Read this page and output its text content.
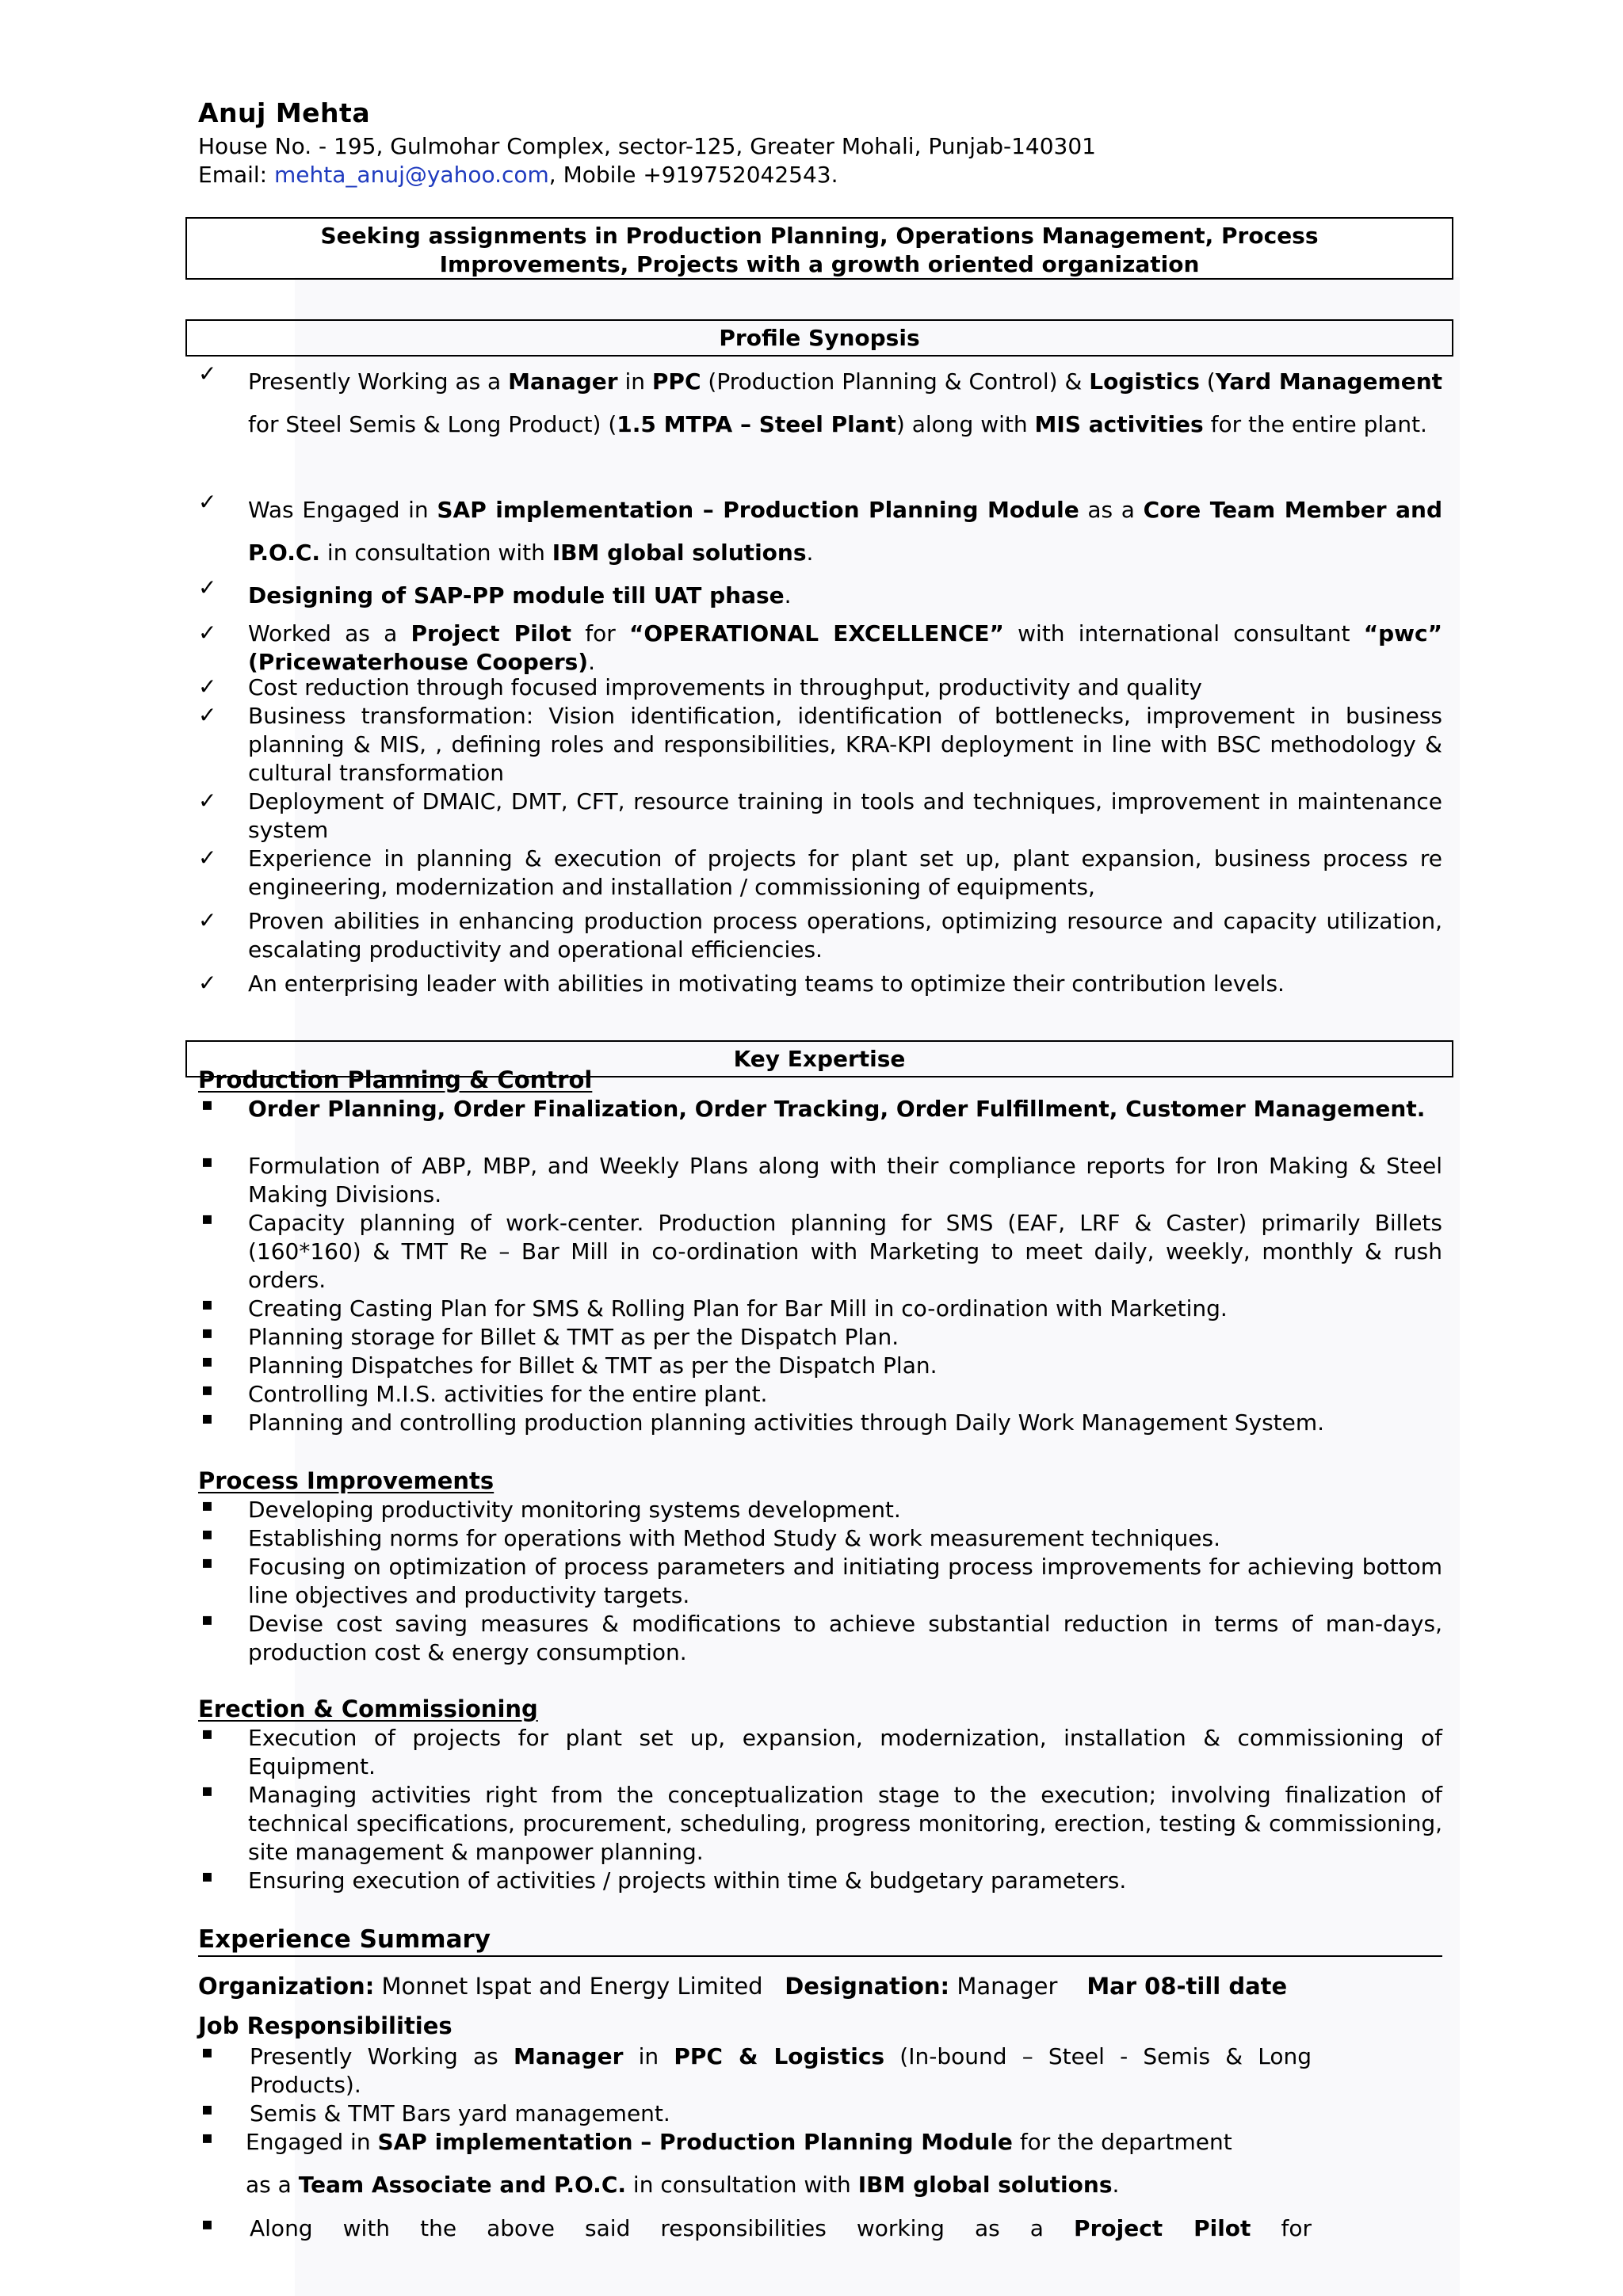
Anuj Mehta
House No. - 195, Gulmohar Complex, sector-125, Greater Mohali, Punjab-140301
Email: mehta_anuj@yahoo.com, Mobile +919752042543.
Seeking assignments in Production Planning, Operations Management, Process
Improvements, Projects with a growth oriented organization
Profile Synopsis
✓	Presently Working as a Manager in PPC (Production Planning & Control) & Logistics (Yard Management for Steel Semis & Long Product) (1.5 MTPA – Steel Plant) along with MIS activities for the entire plant.
✓	Was Engaged in SAP implementation – Production Planning Module as a Core Team Member and P.O.C. in consultation with IBM global solutions.
✓	Designing of SAP-PP module till UAT phase.
✓	Worked as a Project Pilot for “OPERATIONAL EXCELLENCE” with international consultant “pwc” (Pricewaterhouse Coopers).
✓	Cost reduction through focused improvements in throughput, productivity and quality
✓	Business transformation: Vision identification, identification of bottlenecks, improvement in business planning & MIS, , defining roles and responsibilities, KRA-KPI deployment in line with BSC methodology & cultural transformation
✓	Deployment of DMAIC, DMT, CFT, resource training in tools and techniques, improvement in maintenance system
✓	Experience in planning & execution of projects for plant set up, plant expansion, business process re engineering, modernization and installation / commissioning of equipments,
✓	Proven abilities in enhancing production process operations, optimizing resource and capacity utilization, escalating productivity and operational efficiencies.
✓	An enterprising leader with abilities in motivating teams to optimize their contribution levels.
Key Expertise
Production Planning & Control
▪	Order Planning, Order Finalization, Order Tracking, Order Fulfillment, Customer Management.
▪	Formulation of ABP, MBP, and Weekly Plans along with their compliance reports for Iron Making & Steel Making Divisions.
▪	Capacity planning of work-center. Production planning for SMS (EAF, LRF & Caster) primarily Billets (160*160) & TMT Re – Bar Mill in co-ordination with Marketing to meet daily, weekly, monthly & rush orders.
▪	Creating Casting Plan for SMS & Rolling Plan for Bar Mill in co-ordination with Marketing.
▪	Planning storage for Billet & TMT as per the Dispatch Plan.
▪	Planning Dispatches for Billet & TMT as per the Dispatch Plan.
▪	Controlling M.I.S. activities for the entire plant.
▪	Planning and controlling production planning activities through Daily Work Management System.
Process Improvements
▪	Developing productivity monitoring systems development.
▪	Establishing norms for operations with Method Study & work measurement techniques.
▪	Focusing on optimization of process parameters and initiating process improvements for achieving bottom line objectives and productivity targets.
▪	Devise cost saving measures & modifications to achieve substantial reduction in terms of man-days, production cost & energy consumption.
Erection & Commissioning
▪	Execution of projects for plant set up, expansion, modernization, installation & commissioning of Equipment.
▪	Managing activities right from the conceptualization stage to the execution; involving finalization of technical specifications, procurement, scheduling, progress monitoring, erection, testing & commissioning, site management & manpower planning.
▪	Ensuring execution of activities / projects within time & budgetary parameters.
Experience Summary
Organization: Monnet Ispat and Energy Limited   Designation: Manager    Mar 08-till date
Job Responsibilities
▪	Presently Working as Manager in PPC & Logistics (In-bound – Steel - Semis & Long Products).
▪	Semis & TMT Bars yard management.
▪	Engaged in SAP implementation – Production Planning Module for the department
as a Team Associate and P.O.C. in consultation with IBM global solutions.
▪	Along with the above said responsibilities working as a Project Pilot for
